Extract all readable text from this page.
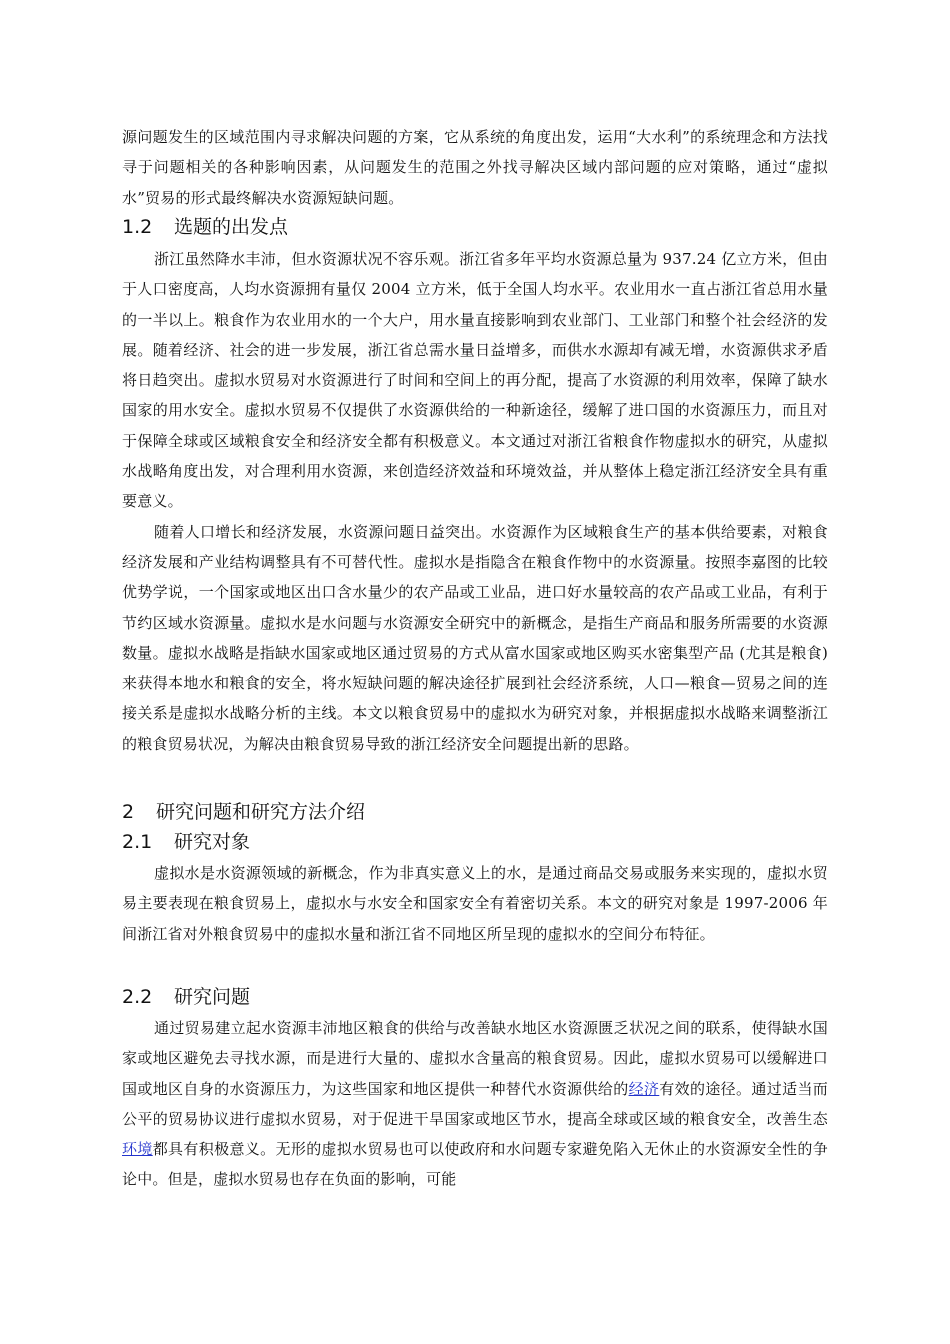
源问题发生的区域范围内寻求解决问题的方案，它从系统的角度出发，运用“大水利”的系统理念和方法找寻于问题相关的各种影响因素，从问题发生的范围之外找寻解决区域内部问题的应对策略，通过“虚拟水”贸易的形式最终解决水资源短缺问题。

1.2 选题的出发点

浙江虽然降水丰沛，但水资源状况不容乐观。浙江省多年平均水资源总量为 937.24 亿立方米，但由于人口密度高，人均水资源拥有量仅 2004 立方米，低于全国人均水平。农业用水一直占浙江省总用水量的一半以上。粮食作为农业用水的一个大户，用水量直接影响到农业部门、工业部门和整个社会经济的发展。随着经济、社会的进一步发展，浙江省总需水量日益增多，而供水水源却有减无增，水资源供求矛盾将日趋突出。虚拟水贸易对水资源进行了时间和空间上的再分配，提高了水资源的利用效率，保障了缺水国家的用水安全。虚拟水贸易不仅提供了水资源供给的一种新途径，缓解了进口国的水资源压力，而且对于保障全球或区域粮食安全和经济安全都有积极意义。本文通过对浙江省粮食作物虚拟水的研究，从虚拟水战略角度出发，对合理利用水资源，来创造经济效益和环境效益，并从整体上稳定浙江经济安全具有重要意义。

随着人口增长和经济发展，水资源问题日益突出。水资源作为区域粮食生产的基本供给要素，对粮食经济发展和产业结构调整具有不可替代性。虚拟水是指隐含在粮食作物中的水资源量。按照李嘉图的比较优势学说，一个国家或地区出口含水量少的农产品或工业品，进口好水量较高的农产品或工业品，有利于节约区域水资源量。虚拟水是水问题与水资源安全研究中的新概念，是指生产商品和服务所需要的水资源数量。虚拟水战略是指缺水国家或地区通过贸易的方式从富水国家或地区购买水密集型产品 (尤其是粮食) 来获得本地水和粮食的安全，将水短缺问题的解决途径扩展到社会经济系统，人口—粮食—贸易之间的连接关系是虚拟水战略分析的主线。本文以粮食贸易中的虚拟水为研究对象，并根据虚拟水战略来调整浙江的粮食贸易状况，为解决由粮食贸易导致的浙江经济安全问题提出新的思路。

2 研究问题和研究方法介绍
2.1 研究对象

虚拟水是水资源领域的新概念，作为非真实意义上的水，是通过商品交易或服务来实现的，虚拟水贸易主要表现在粮食贸易上，虚拟水与水安全和国家安全有着密切关系。本文的研究对象是 1997-2006 年间浙江省对外粮食贸易中的虚拟水量和浙江省不同地区所呈现的虚拟水的空间分布特征。

2.2 研究问题

通过贸易建立起水资源丰沛地区粮食的供给与改善缺水地区水资源匮乏状况之间的联系，使得缺水国家或地区避免去寻找水源，而是进行大量的、虚拟水含量高的粮食贸易。因此，虚拟水贸易可以缓解进口国或地区自身的水资源压力，为这些国家和地区提供一种替代水资源供给的经济有效的途径。通过适当而公平的贸易协议进行虚拟水贸易，对于促进干旱国家或地区节水，提高全球或区域的粮食安全，改善生态环境都具有积极意义。无形的虚拟水贸易也可以使政府和水问题专家避免陷入无休止的水资源安全性的争论中。但是，虚拟水贸易也存在负面的影响，可能
